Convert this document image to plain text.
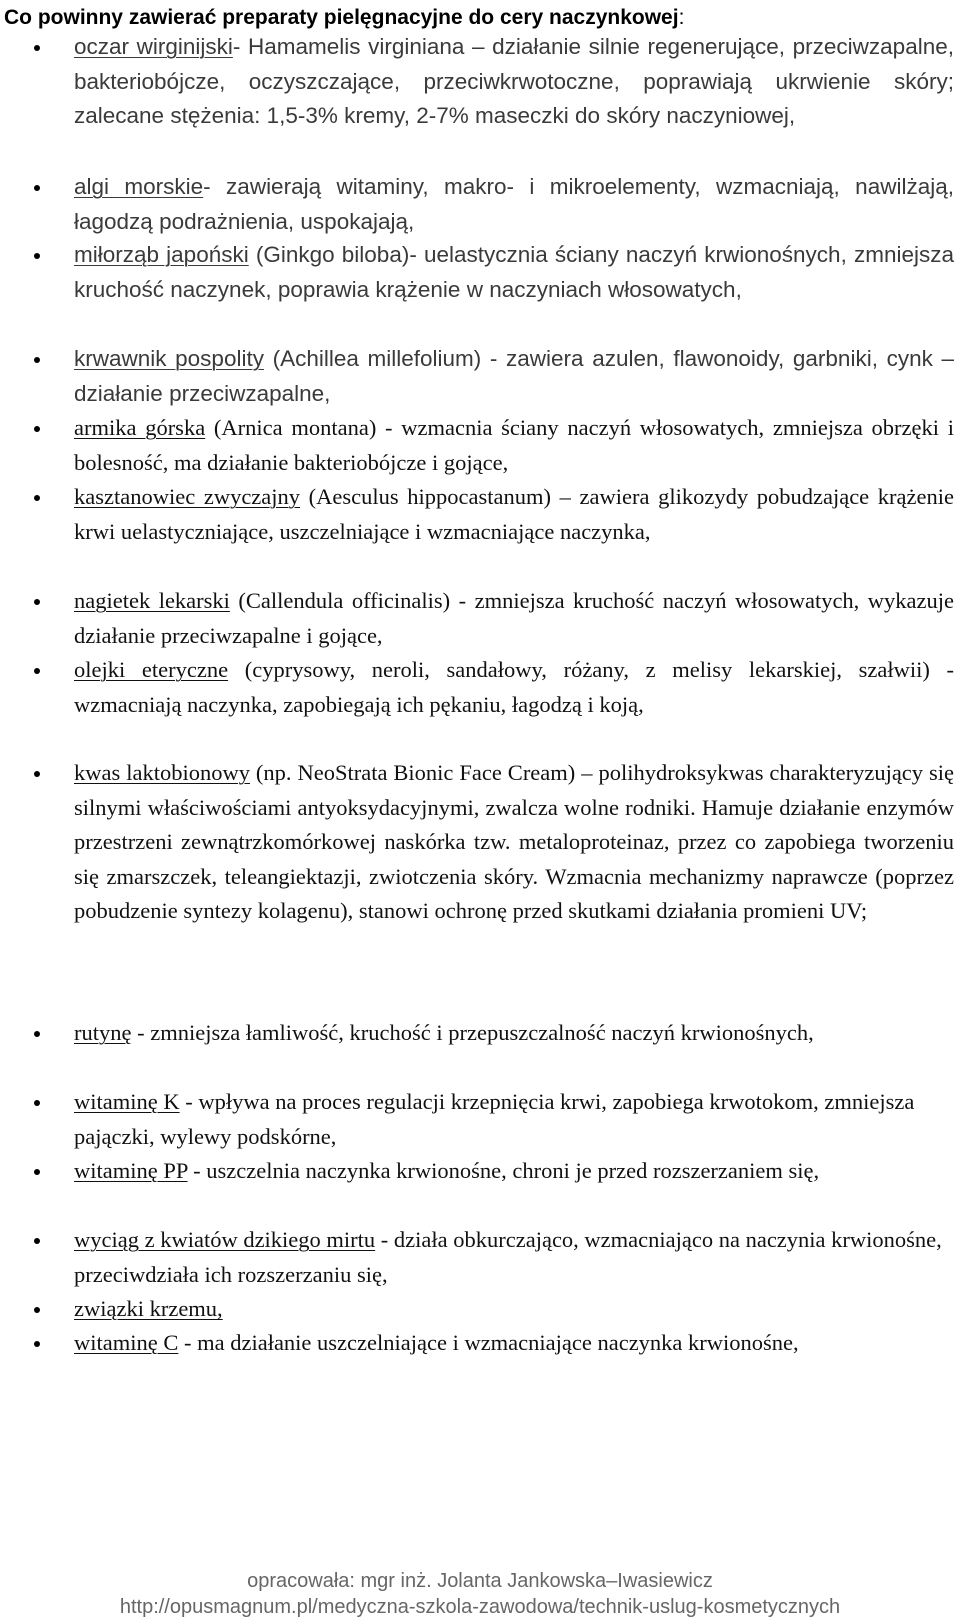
Co powinny zawierać preparaty pielęgnacyjne do cery naczynkowej:
oczar wirginijski- Hamamelis virginiana – działanie silnie regenerujące, przeciwzapalne, bakteriobójcze, oczyszczające, przeciwkrwotoczne, poprawiają ukrwienie skóry; zalecane stężenia: 1,5-3% kremy, 2-7% maseczki do skóry naczyniowej,
algi morskie- zawierają witaminy, makro- i mikroelementy, wzmacniają, nawilżają, łagodzą podrażnienia, uspokajają,
miłorząb japoński (Ginkgo biloba)- uelastycznia ściany naczyń krwionośnych, zmniejsza kruchość naczynek, poprawia krążenie w naczyniach włosowatych,
krwawnik pospolity (Achillea millefolium) - zawiera azulen, flawonoidy, garbniki, cynk – działanie przeciwzapalne,
armika górska (Arnica montana) - wzmacnia ściany naczyń włosowatych, zmniejsza obrzęki i bolesność, ma działanie bakteriobójcze i gojące,
kasztanowiec zwyczajny (Aesculus hippocastanum) – zawiera glikozydy pobudzające krążenie krwi uelastyczniające, uszczelniające i wzmacniające naczynka,
nagietek lekarski (Callendula officinalis) - zmniejsza kruchość naczyń włosowatych, wykazuje działanie przeciwzapalne i gojące,
olejki eteryczne (cyprysowy, neroli, sandałowy, różany, z melisy lekarskiej, szałwii) - wzmacniają naczynka, zapobiegają ich pękaniu, łagodzą i koją,
kwas laktobionowy (np. NeoStrata Bionic Face Cream) – polihydroksykwas charakteryzujący się silnymi właściwościami antyoksydacyjnymi, zwalcza wolne rodniki. Hamuje działanie enzymów przestrzeni zewnątrzkomórkowej naskórka tzw. metaloproteinaz, przez co zapobiega tworzeniu się zmarszczek, teleangiektazji, zwiotczenia skóry. Wzmacnia mechanizmy naprawcze (poprzez pobudzenie syntezy kolagenu), stanowi ochronę przed skutkami działania promieni UV;
rutynę - zmniejsza łamliwość, kruchość i przepuszczalność naczyń krwionośnych,
witaminę K - wpływa na proces regulacji krzepnięcia krwi, zapobiega krwotokom, zmniejsza pajączki, wylewy podskórne,
witaminę PP - uszczelnia naczynka krwionośne, chroni je przed rozszerzaniem się,
wyciąg z kwiatów dzikiego mirtu - działa obkurczająco, wzmacniająco na naczynia krwionośne, przeciwdziała ich rozszerzaniu się,
związki krzemu,
witaminę C - ma działanie uszczelniające i wzmacniające naczynka krwionośne,
opracowała: mgr inż. Jolanta Jankowska–Iwasiewicz
http://opusmagnum.pl/medyczna-szkola-zawodowa/technik-uslug-kosmetycznych
